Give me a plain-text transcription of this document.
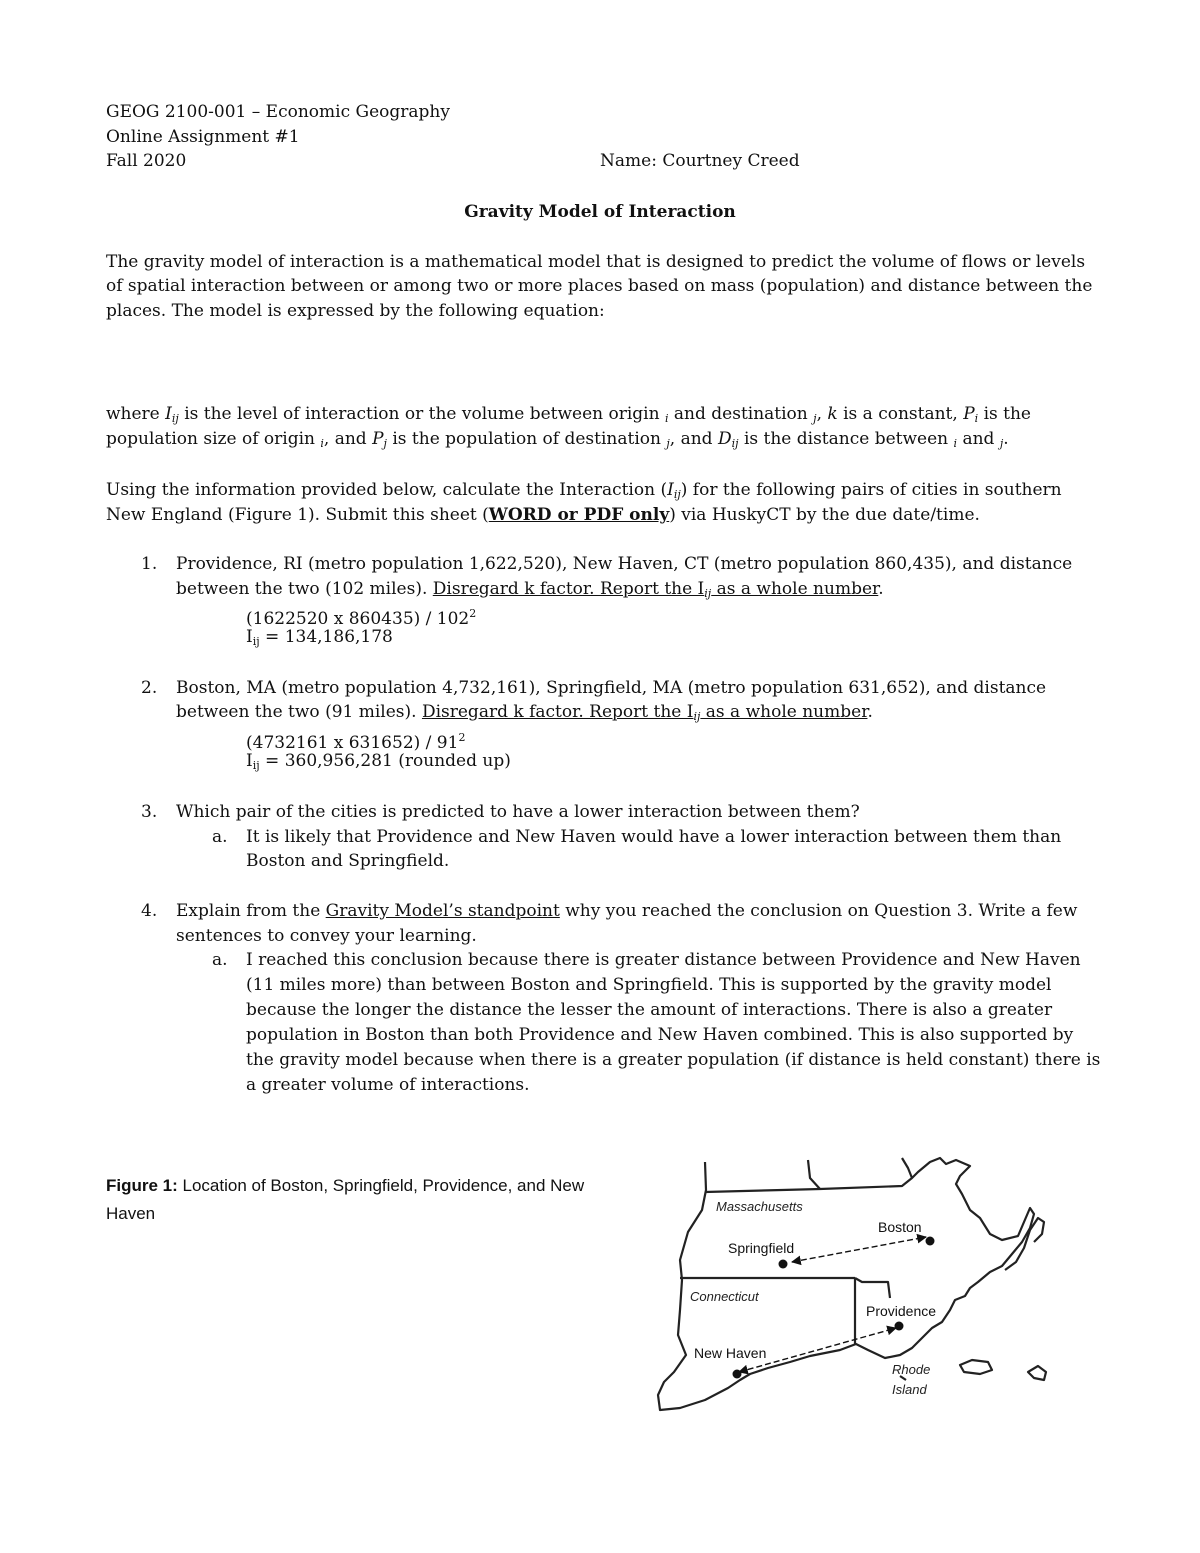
GEOG 2100-001 – Economic Geography
Online Assignment #1
Fall 2020	Name: Courtney Creed
Gravity Model of Interaction
The gravity model of interaction is a mathematical model that is designed to predict the volume of flows or levels
of spatial interaction between or among two or more places based on mass (population) and distance between the
places. The model is expressed by the following equation:
where $I_{ij}$ is the level of interaction or the volume between origin $_i$ and destination $_j$, k is a constant, $P_i$ is the
population size of origin $_i$, and $P_j$ is the population of destination $_j$, and $D_{ij}$ is the distance between $_i$ and $_j$.
Using the information provided below, calculate the Interaction $(I_{ij})$ for the following pairs of cities in southern
New England (Figure 1). Submit this sheet (WORD or PDF only) via HuskyCT by the due date/time.
1. Providence, RI (metro population 1,622,520), New Haven, CT (metro population 860,435), and distance
between the two (102 miles). Disregard k factor. Report the $I_{ij}$ as a whole number.
(1622520 x $860435) / 102^2$
$I_{ij} = 134,186,178$
2. Boston, MA (metro population 4,732,161), Springfield, MA (metro population 631,652), and distance
between the two (91 miles). Disregard k factor. Report the $I_{ij}$ as a whole number.
(4732161 x $631652) / 91^2$
$I_{ij} = 360,956,281$ (rounded up)
3. Which pair of the cities is predicted to have a lower interaction between them?
a. It is likely that Providence and New Haven would have a lower interaction between them than
Boston and Springfield.
4. Explain from the Gravity Model’s standpoint why you reached the conclusion on Question 3. Write a few
sentences to convey your learning.
a. I reached this conclusion because there is greater distance between Providence and New Haven
(11 miles more) than between Boston and Springfield. This is supported by the gravity model
because the longer the distance the lesser the amount of interactions. There is also a greater
population in Boston than both Providence and New Haven combined. This is also supported by
the gravity model because when there is a greater population (if distance is held constant) there is
a greater volume of interactions.
Figure 1: Location of Boston, Springfield, Providence, and New Haven	Massachusetts
Connecticut
Rhode
Island
Boston
Springfield
Providence
New Haven
